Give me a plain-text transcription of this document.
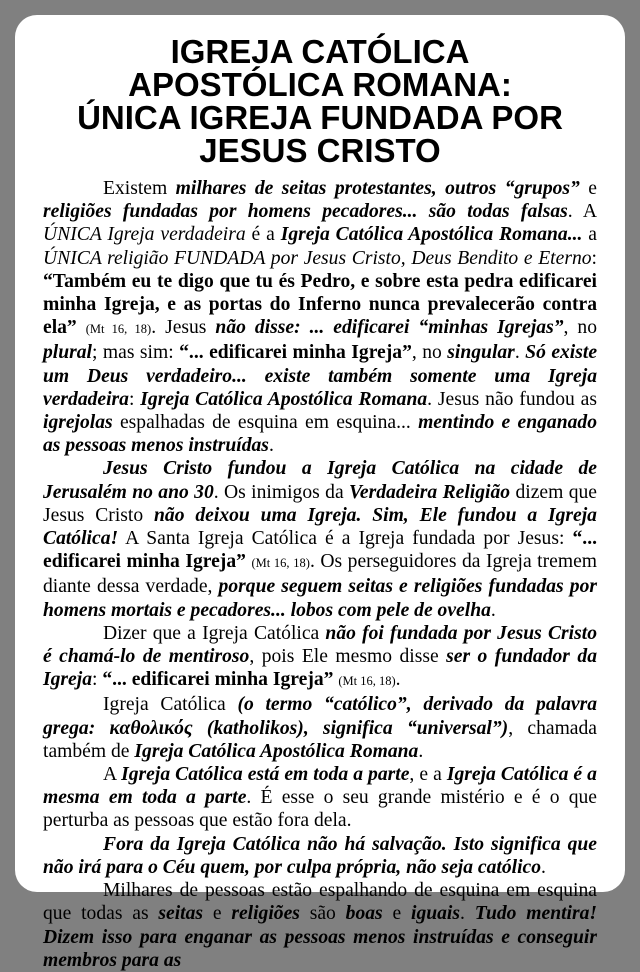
IGREJA CATÓLICA
APOSTÓLICA ROMANA:
ÚNICA IGREJA FUNDADA POR
JESUS CRISTO

Existem milhares de seitas protestantes, outros “grupos” e religiões fundadas por homens pecadores... são todas falsas. A ÚNICA Igreja verdadeira é a Igreja Católica Apostólica Romana... a ÚNICA religião FUNDADA por Jesus Cristo, Deus Bendito e Eterno: “Também eu te digo que tu és Pedro, e sobre esta pedra edificarei minha Igreja, e as portas do Inferno nunca prevalecerão contra ela” (Mt 16, 18). Jesus não disse: ... edificarei “minhas Igrejas”, no plural; mas sim: “... edificarei minha Igreja”, no singular. Só existe um Deus verdadeiro... existe também somente uma Igreja verdadeira: Igreja Católica Apostólica Romana. Jesus não fundou as igrejolas espalhadas de esquina em esquina... mentindo e enganado as pessoas menos instruídas.

Jesus Cristo fundou a Igreja Católica na cidade de Jerusalém no ano 30. Os inimigos da Verdadeira Religião dizem que Jesus Cristo não deixou uma Igreja. Sim, Ele fundou a Igreja Católica! A Santa Igreja Católica é a Igreja fundada por Jesus: “... edificarei minha Igreja” (Mt 16, 18). Os perseguidores da Igreja tremem diante dessa verdade, porque seguem seitas e religiões fundadas por homens mortais e pecadores... lobos com pele de ovelha.

Dizer que a Igreja Católica não foi fundada por Jesus Cristo é chamá-lo de mentiroso, pois Ele mesmo disse ser o fundador da Igreja: “... edificarei minha Igreja” (Mt 16, 18).

Igreja Católica (o termo “católico”, derivado da palavra grega: καθολικός (katholikos), significa “universal”), chamada também de Igreja Católica Apostólica Romana.

A Igreja Católica está em toda a parte, e a Igreja Católica é a mesma em toda a parte. É esse o seu grande mistério e é o que perturba as pessoas que estão fora dela.

Fora da Igreja Católica não há salvação. Isto significa que não irá para o Céu quem, por culpa própria, não seja católico.

Milhares de pessoas estão espalhando de esquina em esquina que todas as seitas e religiões são boas e iguais. Tudo mentira! Dizem isso para enganar as pessoas menos instruídas e conseguir membros para as
